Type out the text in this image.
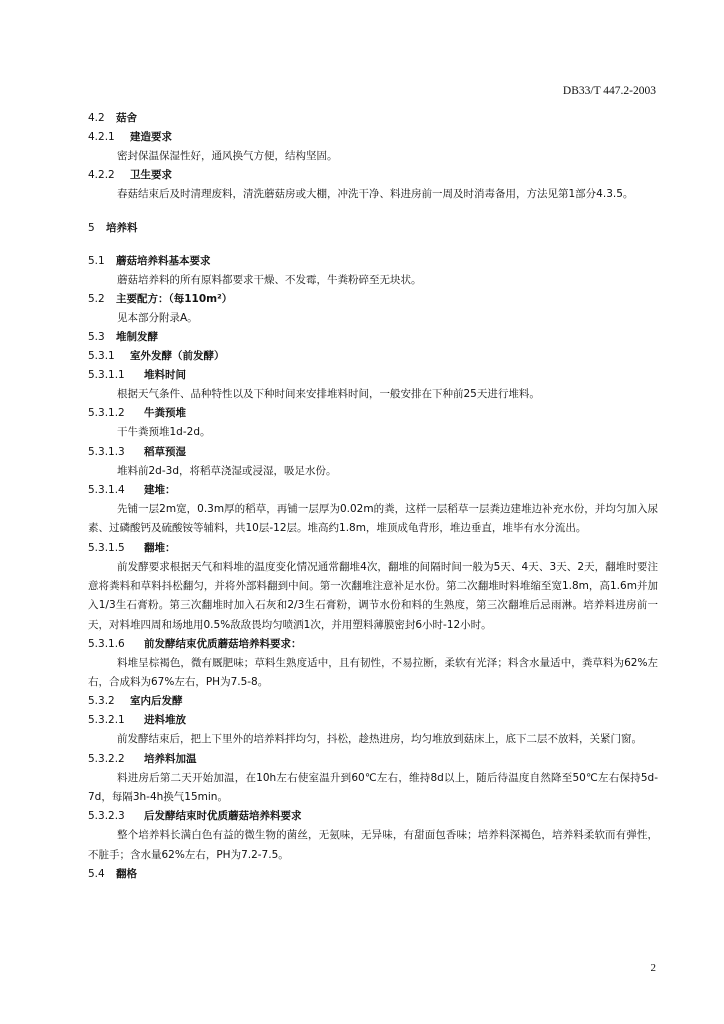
DB33/T 447.2-2003
4.2 菇舍
4.2.1 建造要求

密封保温保湿性好，通风换气方便，结构坚固。

4.2.2 卫生要求

春菇结束后及时清理废料，清洗蘑菇房或大棚，冲洗干净、料进房前一周及时消毒备用，方法见第1部分4.3.5。

5 培养料
5.1 蘑菇培养料基本要求

蘑菇培养料的所有原料都要求干燥、不发霉，牛粪粉碎至无块状。

5.2 主要配方：（每110m²）

见本部分附录A。

5.3 堆制发酵
5.3.1 室外发酵（前发酵）
5.3.1.1 堆料时间

根据天气条件、品种特性以及下种时间来安排堆料时间，一般安排在下种前25天进行堆料。

5.3.1.2 牛粪预堆

干牛粪预堆1d-2d。

5.3.1.3 稻草预湿

堆料前2d-3d，将稻草浇湿或浸湿，吸足水份。

5.3.1.4 建堆：

先铺一层2m宽，0.3m厚的稻草，再铺一层厚为0.02m的粪，这样一层稻草一层粪边建堆边补充水份，并均匀加入尿素、过磷酸钙及硫酸铵等辅料，共10层-12层。堆高约1.8m，堆顶成龟背形，堆边垂直，堆毕有水分流出。

5.3.1.5 翻堆：

前发酵要求根据天气和料堆的温度变化情况通常翻堆4次，翻堆的间隔时间一般为5天、4天、3天、2天，翻堆时要注意将粪料和草料抖松翻匀，并将外部料翻到中间。第一次翻堆注意补足水份。第二次翻堆时料堆缩至宽1.8m，高1.6m并加入1/3生石膏粉。第三次翻堆时加入石灰和2/3生石膏粉，调节水份和料的生熟度，第三次翻堆后忌雨淋。培养料进房前一天，对料堆四周和场地用0.5%敌敌畏均匀喷洒1次，并用塑料薄膜密封6小时-12小时。

5.3.1.6 前发酵结束优质蘑菇培养料要求：

料堆呈棕褐色，微有厩肥味；草料生熟度适中，且有韧性，不易拉断，柔软有光泽；料含水量适中，粪草料为62%左右，合成料为67%左右，PH为7.5-8。

5.3.2 室内后发酵
5.3.2.1 进料堆放

前发酵结束后，把上下里外的培养料拌均匀，抖松，趁热进房，均匀堆放到菇床上，底下二层不放料，关紧门窗。

5.3.2.2 培养料加温

料进房后第二天开始加温，在10h左右使室温升到60℃左右，维持8d以上，随后待温度自然降至50℃左右保持5d-7d，每隔3h-4h换气15min。

5.3.2.3 后发酵结束时优质蘑菇培养料要求

整个培养料长满白色有益的微生物的菌丝，无氨味，无异味，有甜面包香味；培养料深褐色，培养料柔软而有弹性，不脏手；含水量62%左右，PH为7.2-7.5。

5.4 翻格
2
